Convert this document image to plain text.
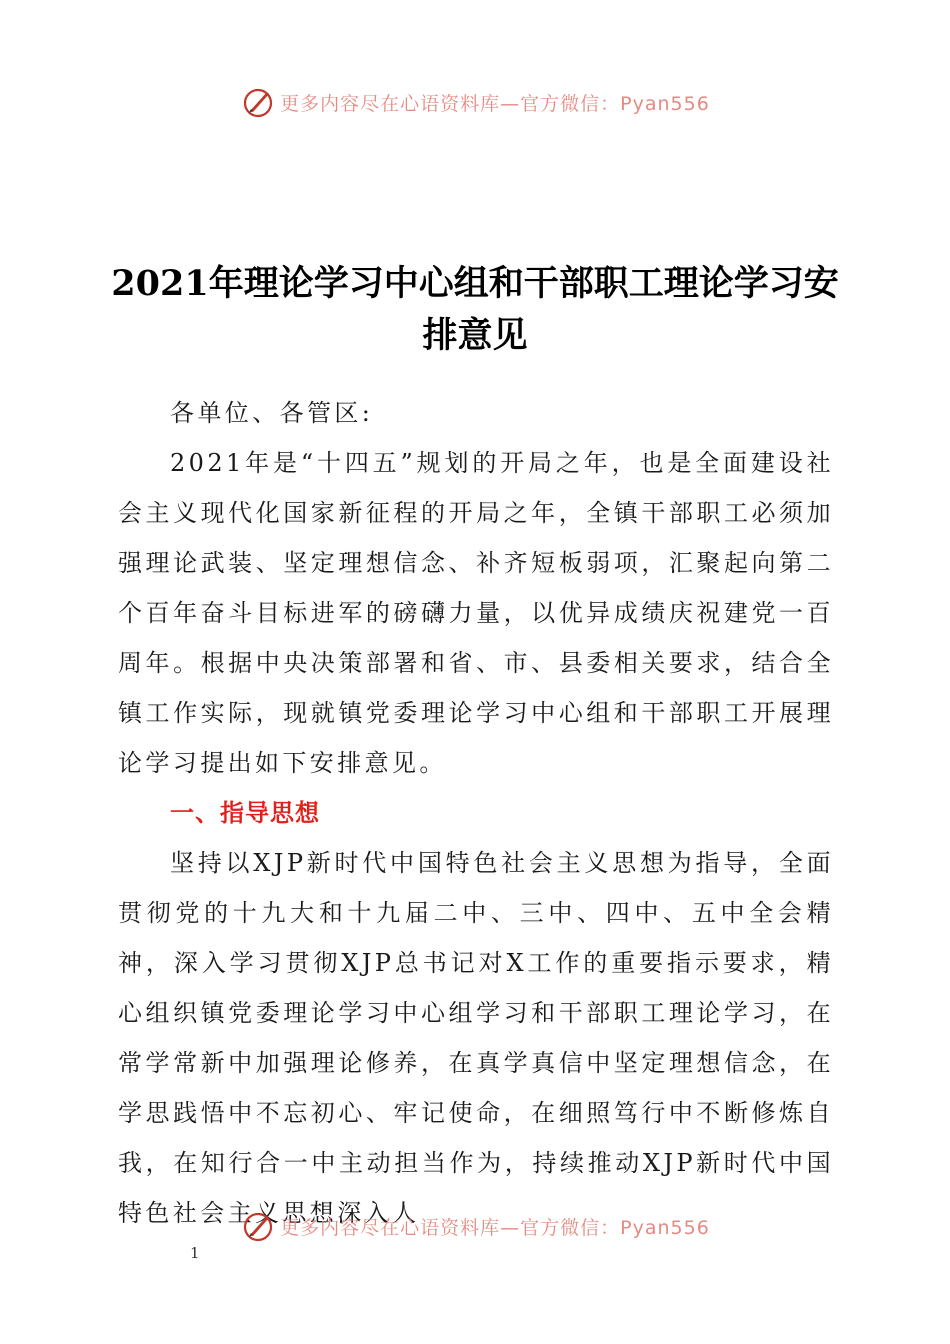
更多内容尽在心语资料库—官方微信：Pyan556
2021年理论学习中心组和干部职工理论学习安
排意见

各单位、各管区:

2021年是“十四五”规划的开局之年，也是全面建设社会主义现代化国家新征程的开局之年，全镇干部职工必须加强理论武装、坚定理想信念、补齐短板弱项，汇聚起向第二个百年奋斗目标进军的磅礴力量，以优异成绩庆祝建党一百周年。根据中央决策部署和省、市、县委相关要求，结合全镇工作实际，现就镇党委理论学习中心组和干部职工开展理论学习提出如下安排意见。

一、指导思想

坚持以XJP新时代中国特色社会主义思想为指导，全面贯彻党的十九大和十九届二中、三中、四中、五中全会精神，深入学习贯彻XJP总书记对X工作的重要指示要求，精心组织镇党委理论学习中心组学习和干部职工理论学习，在常学常新中加强理论修养，在真学真信中坚定理想信念，在学思践悟中不忘初心、牢记使命，在细照笃行中不断修炼自我，在知行合一中主动担当作为，持续推动XJP新时代中国特色社会主义思想深入人

更多内容尽在心语资料库—官方微信：Pyan556
1
